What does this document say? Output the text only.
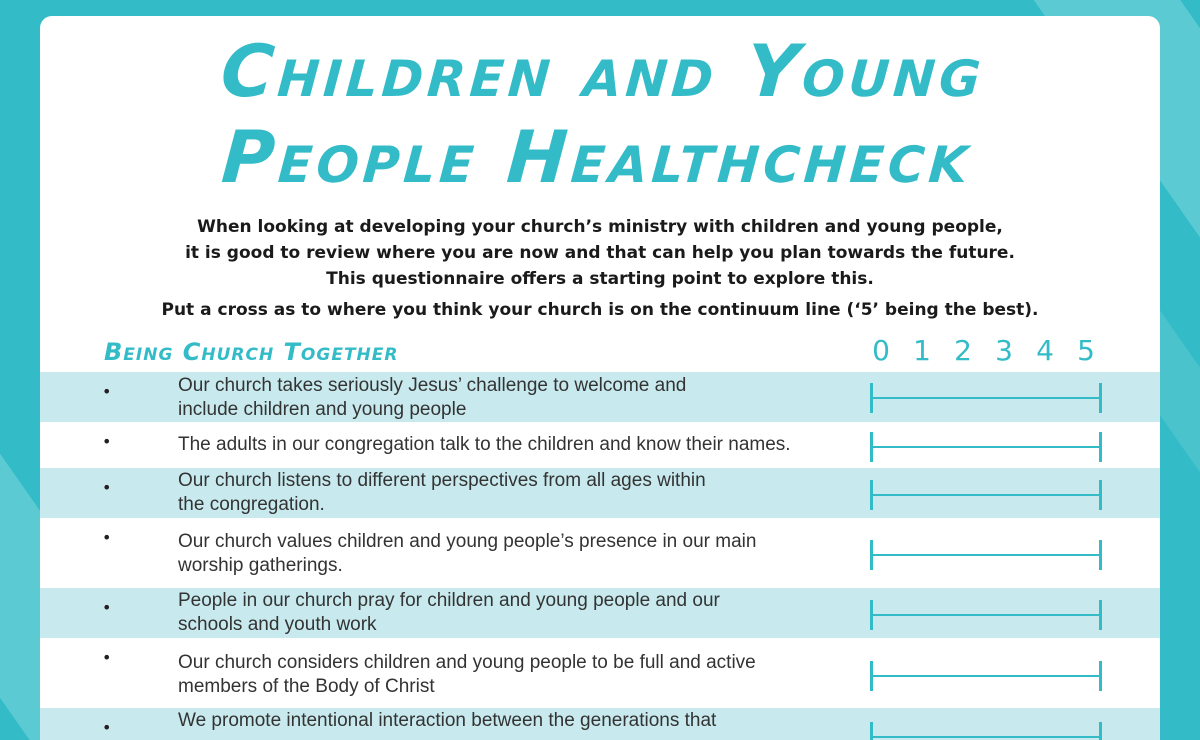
Children and Young
People Healthcheck
When looking at developing your church’s ministry with children and young people,
it is good to review where you are now and that can help you plan towards the future.
This questionnaire offers a starting point to explore this.
Put a cross as to where you think your church is on the continuum line (‘5’ being the best).
Being Church Together	0 1 2 3 4 5
•	Our church takes seriously Jesus’ challenge to welcome and
include children and young people
•	The adults in our congregation talk to the children and know their names.
•	Our church listens to different perspectives from all ages within
the congregation.
•	Our church values children and young people’s presence in our main
worship gatherings.
•	People in our church pray for children and young people and our
schools and youth work
•	Our church considers children and young people to be full and active
members of the Body of Christ
•	We promote intentional interaction between the generations that
